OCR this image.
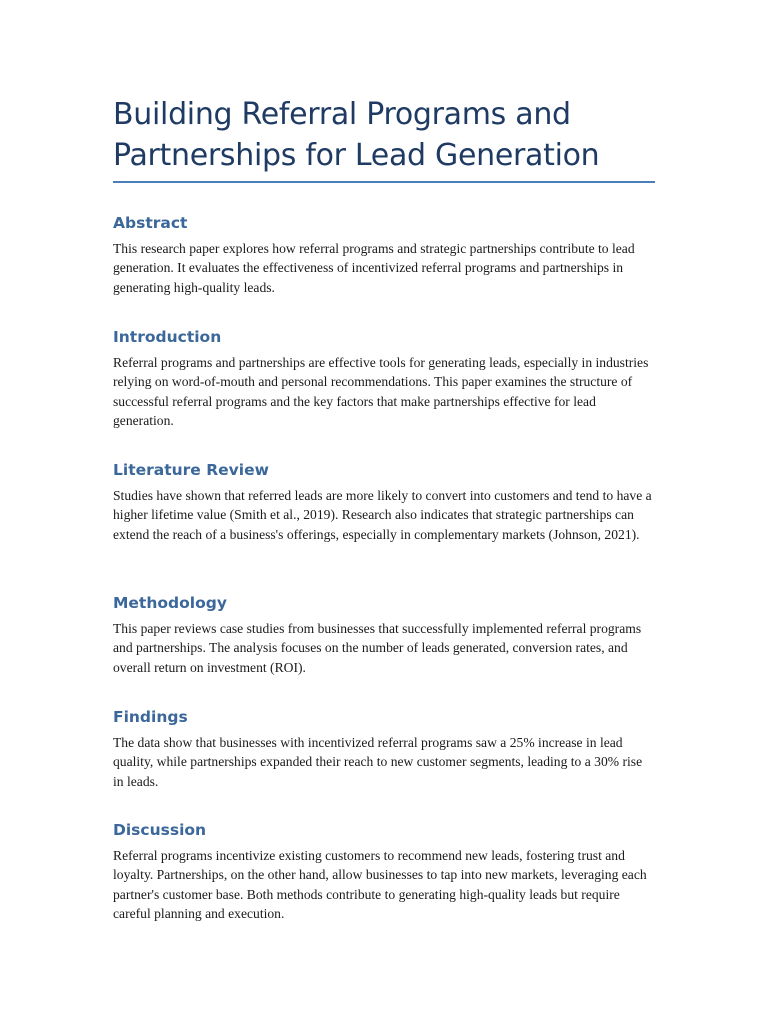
Building Referral Programs and Partnerships for Lead Generation
Abstract

This research paper explores how referral programs and strategic partnerships contribute to lead generation. It evaluates the effectiveness of incentivized referral programs and partnerships in generating high-quality leads.

Introduction

Referral programs and partnerships are effective tools for generating leads, especially in industries relying on word-of-mouth and personal recommendations. This paper examines the structure of successful referral programs and the key factors that make partnerships effective for lead generation.

Literature Review

Studies have shown that referred leads are more likely to convert into customers and tend to have a higher lifetime value (Smith et al., 2019). Research also indicates that strategic partnerships can extend the reach of a business's offerings, especially in complementary markets (Johnson, 2021).

Methodology

This paper reviews case studies from businesses that successfully implemented referral programs and partnerships. The analysis focuses on the number of leads generated, conversion rates, and overall return on investment (ROI).

Findings

The data show that businesses with incentivized referral programs saw a 25% increase in lead quality, while partnerships expanded their reach to new customer segments, leading to a 30% rise in leads.

Discussion

Referral programs incentivize existing customers to recommend new leads, fostering trust and loyalty. Partnerships, on the other hand, allow businesses to tap into new markets, leveraging each partner's customer base. Both methods contribute to generating high-quality leads but require careful planning and execution.
